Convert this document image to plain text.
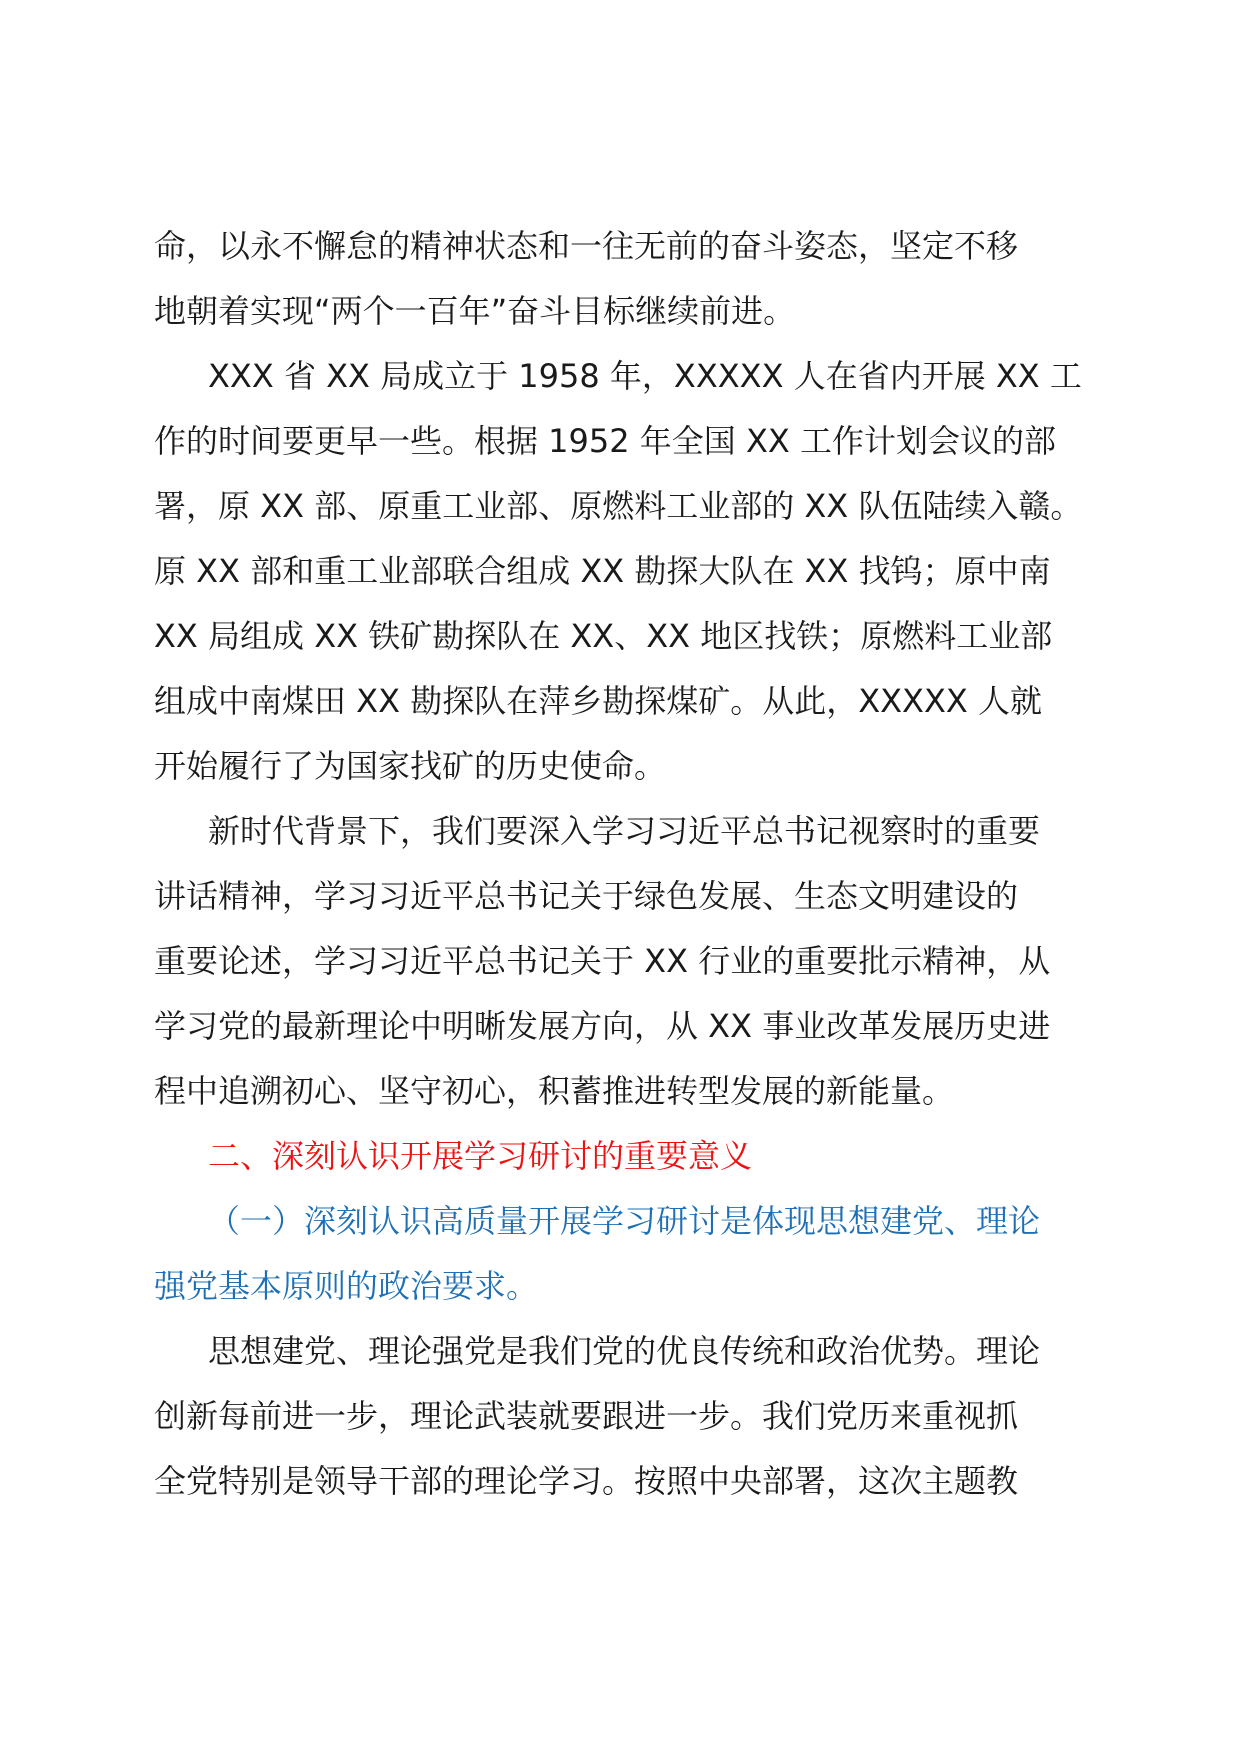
命，以永不懈怠的精神状态和一往无前的奋斗姿态，坚定不移
地朝着实现“两个一百年”奋斗目标继续前进。
XXX 省 XX 局成立于 1958 年，XXXXX 人在省内开展 XX 工
作的时间要更早一些。根据 1952 年全国 XX 工作计划会议的部
署，原 XX 部、原重工业部、原燃料工业部的 XX 队伍陆续入赣。
原 XX 部和重工业部联合组成 XX 勘探大队在 XX 找钨；原中南
XX 局组成 XX 铁矿勘探队在 XX、XX 地区找铁；原燃料工业部
组成中南煤田 XX 勘探队在萍乡勘探煤矿。从此，XXXXX 人就
开始履行了为国家找矿的历史使命。
新时代背景下，我们要深入学习习近平总书记视察时的重要
讲话精神，学习习近平总书记关于绿色发展、生态文明建设的
重要论述，学习习近平总书记关于 XX 行业的重要批示精神，从
学习党的最新理论中明晰发展方向，从 XX 事业改革发展历史进
程中追溯初心、坚守初心，积蓄推进转型发展的新能量。
二、深刻认识开展学习研讨的重要意义
（一）深刻认识高质量开展学习研讨是体现思想建党、理论
强党基本原则的政治要求。
思想建党、理论强党是我们党的优良传统和政治优势。理论
创新每前进一步，理论武装就要跟进一步。我们党历来重视抓
全党特别是领导干部的理论学习。按照中央部署，这次主题教
